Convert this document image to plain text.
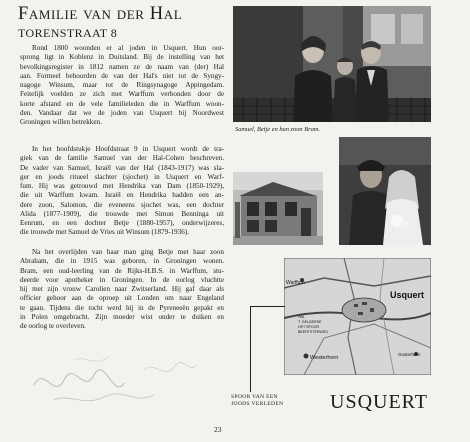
Familie van der Hal
TORENSTRAAT 8

Rond 1800 woonden er al joden in Usquert. Hun oor-
sprong ligt in Koblenz in Duitsland. Bij de instelling van het
bevolkingsregister in 1812 namen ze de naam van (der) Hal
aan. Formeel behoorden de van der Hal's niet tot de Syngy-
nagoge Winsum, maar tot de Ringsynagoge Appingedam.
Feitelijk voelden ze zich met Warffum verbonden door de
korte afstand en de vele familieleden die in Warffum woon-
den. Vandaar dat we de joden van Usquert bij Noordwest
Groningen willen betrekken.

In het hoofdstukje Hoofdstraat 9 in Usquert wordt de tra-
giek van de familie Samuel van der Hal-Cohen beschreven.
De vader van Samuel, Israël van der Hal (1843-1917) was sla-
ger en joods ritueel slachter (sjochet) in Usquert en Warf-
fum. Hij was getrouwd met Hendrika van Dam (1850-1929),
die uit Warffum kwam. Israël en Hendrika hadden een an-
dere zoon, Salomon, die eveneens sjochet was, een dochter
Alida (1877-1909), die trouwde met Simon Benninga uit
Eenrum, en een dochter Betje (1880-1957), onderwijzeres,
die trouwde met Samuel de Vries uit Winsum (1879-1936).

Na het overlijden van haar man ging Betje met haar zoon
Abraham, die in 1915 was geboren, in Groningen wonen.
Bram, een oud-leerling van de Rijks-H.B.S. in Warffum, stu-
deerde voor apotheker in Groningen. In de oorlog vluchtte
hij met zijn vrouw Carolien naar Zwitserland. Hij gaf daar als
officier gehoor aan de oproep uit Londen om naar Engeland
te gaan. Tijdens die tocht werd hij in de Pyreneeën gepakt en
in Polen omgebracht. Zijn moeder wist onder te duiken en
de oorlog te overleven.

Samuel, Betje en hun zoon Bram.
Usquert
Westerhorn
Warffum
Oosterhorn
HAL
T. GELDERSE
HET SPOOR
BEERTSTERWEG
SPOOR VAN EEN
JOODS VERLEDEN USQUERT
23
